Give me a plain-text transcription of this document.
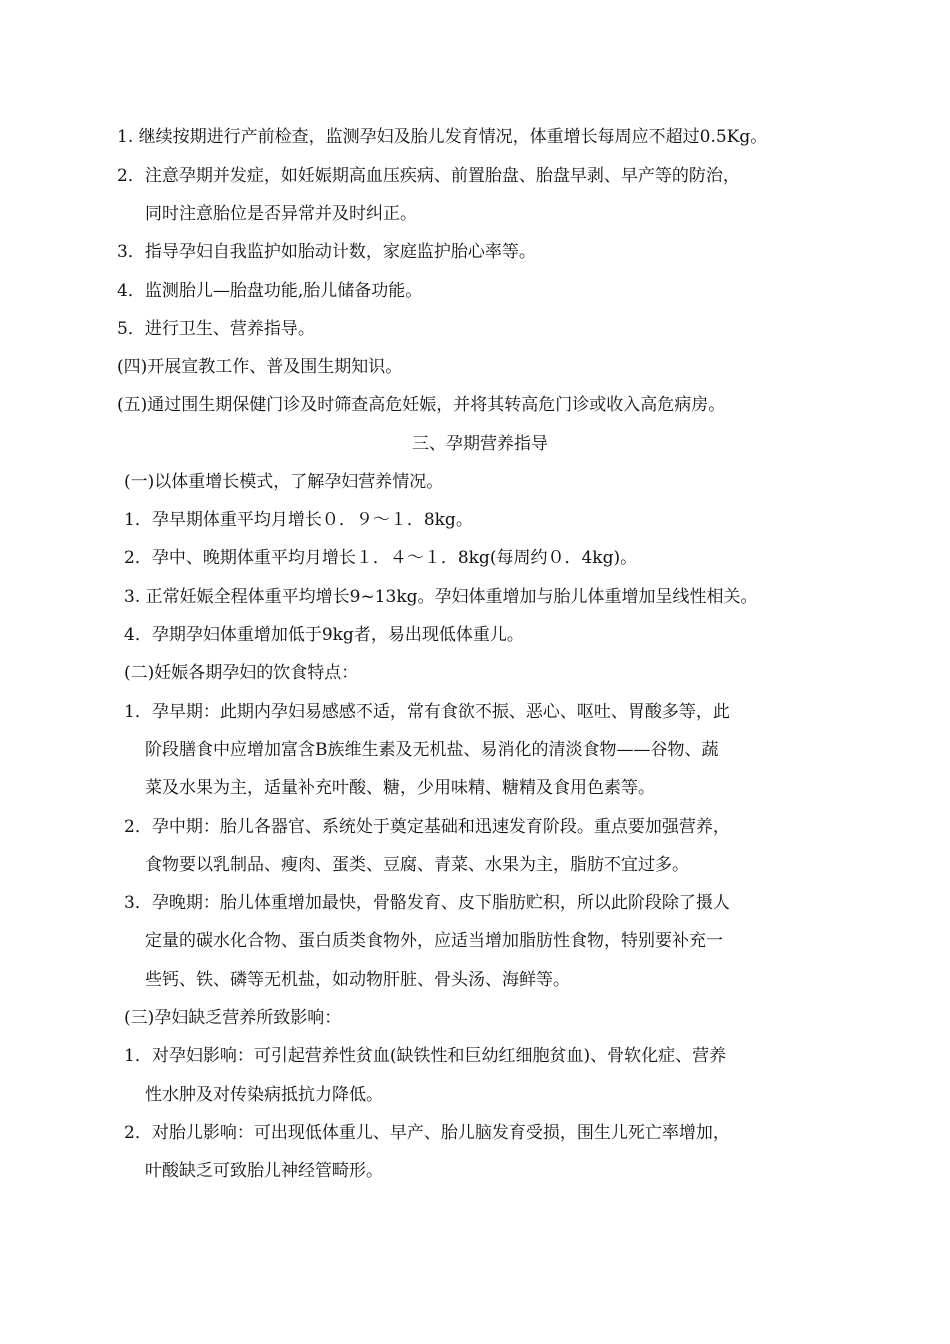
1. 继续按期进行产前检查，监测孕妇及胎儿发育情况，体重增长每周应不超过0.5Kg。
2．注意孕期并发症，如妊娠期高血压疾病、前置胎盘、胎盘早剥、早产等的防治，
同时注意胎位是否异常并及时纠正。
3．指导孕妇自我监护如胎动计数，家庭监护胎心率等。
4．监测胎儿—胎盘功能,胎儿储备功能。
5．进行卫生、营养指导。
(四)开展宣教工作、普及围生期知识。
(五)通过围生期保健门诊及时筛查高危妊娠，并将其转高危门诊或收入高危病房。
三、孕期营养指导
(一)以体重增长模式，了解孕妇营养情况。
1．孕早期体重平均月增长０．９～１．8kg。
2．孕中、晚期体重平均月增长１．４～１．8kg(每周约０．4kg)。
3. 正常妊娠全程体重平均增长9~13kg。孕妇体重增加与胎儿体重增加呈线性相关。
4．孕期孕妇体重增加低于9kg者，易出现低体重儿。
(二)妊娠各期孕妇的饮食特点：
1．孕早期：此期内孕妇易感感不适，常有食欲不振、恶心、呕吐、胃酸多等，此
阶段膳食中应增加富含B族维生素及无机盐、易消化的清淡食物——谷物、蔬
菜及水果为主，适量补充叶酸、糖，少用味精、糖精及食用色素等。
2．孕中期：胎儿各器官、系统处于奠定基础和迅速发育阶段。重点要加强营养，
食物要以乳制品、瘦肉、蛋类、豆腐、青菜、水果为主，脂肪不宜过多。
3．孕晚期：胎儿体重增加最快，骨骼发育、皮下脂肪贮积，所以此阶段除了摄人
定量的碳水化合物、蛋白质类食物外，应适当增加脂肪性食物，特别要补充一
些钙、铁、磷等无机盐，如动物肝脏、骨头汤、海鲜等。
(三)孕妇缺乏营养所致影响：
1．对孕妇影响：可引起营养性贫血(缺铁性和巨幼红细胞贫血)、骨软化症、营养
性水肿及对传染病抵抗力降低。
2．对胎儿影响：可出现低体重儿、早产、胎儿脑发育受损，围生儿死亡率增加，
叶酸缺乏可致胎儿神经管畸形。
